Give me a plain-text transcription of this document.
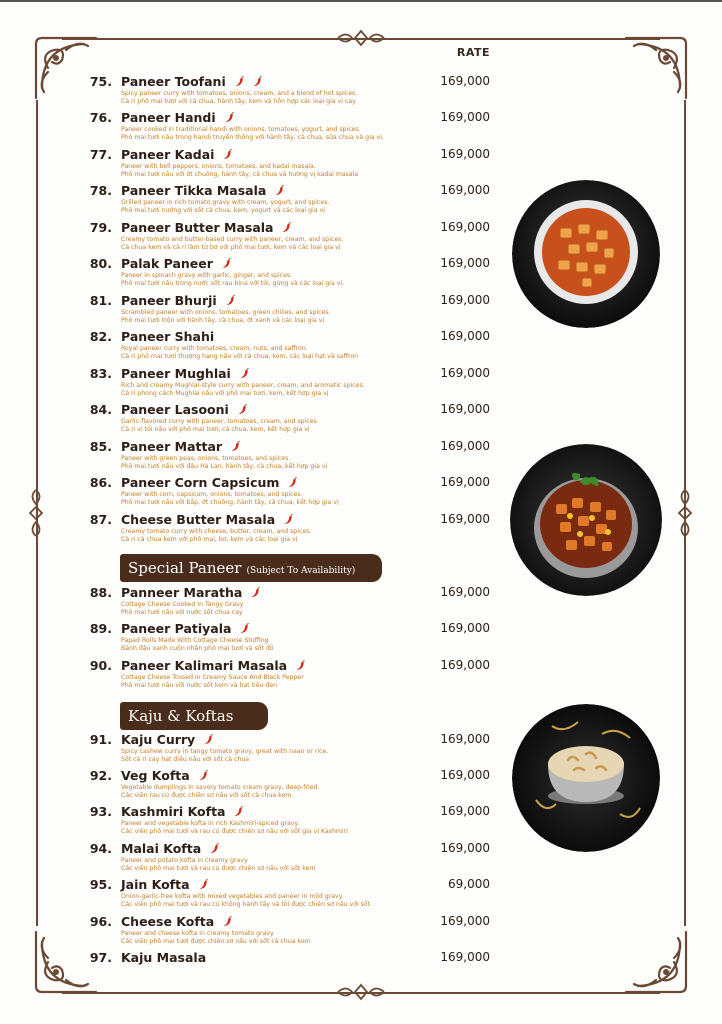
RATE
75. Paneer Toofani	169,000
Spicy paneer curry with tomatoes, onions, cream, and a blend of hot spices.
Cà ri phô mai tươi với cà chua, hành tây, kem và hỗn hợp các loại gia vị cay
76. Paneer Handi	169,000
Paneer cooked in traditional handi with onions, tomatoes, yogurt, and spices.
Phô mai tươi nấu trong handi truyền thống với hành tây, cà chua, sữa chua và gia vị.
77. Paneer Kadai	169,000
Paneer with bell peppers, onions, tomatoes, and kadai masala.
Phô mai tươi nấu với ớt chuông, hành tây, cà chua và hương vị kadai masala
78. Paneer Tikka Masala	169,000
Grilled paneer in rich tomato gravy with cream, yogurt, and spices.
Phô mai tươi nướng với sốt cà chua, kem, yogurt và các loại gia vị
79. Paneer Butter Masala	169,000
Creamy tomato and butter-based curry with paneer, cream, and spices.
Cà chua kem và cà ri làm từ bơ với phô mai tươi, kem và các loại gia vị
80. Palak Paneer	169,000
Paneer in spinach gravy with garlic, ginger, and spices.
Phô mai tươi nấu trong nước sốt rau bina với tỏi, gừng và các loại gia vị.
81. Paneer Bhurji	169,000
Scrambled paneer with onions, tomatoes, green chilies, and spices.
Phô mai tươi trộn với hành tây, cà chua, ớt xanh và các loại gia vị
82. Paneer Shahi	169,000
Royal paneer curry with tomatoes, cream, nuts, and saffron.
Cà ri phô mai tươi thượng hạng nấu với cà chua, kem, các loại hạt và saffron
83. Paneer Mughlai	169,000
Rich and creamy Mughlai-style curry with paneer, cream, and aromatic spices.
Cà ri phong cách Mughlai nấu với phô mai tươi, kem, kết hợp gia vị
84. Paneer Lasooni	169,000
Garlic-flavored curry with paneer, tomatoes, cream, and spices.
Cà ri vị tỏi nấu với phô mai tươi, cà chua, kem, kết hợp gia vị
85. Paneer Mattar	169,000
Paneer with green peas, onions, tomatoes, and spices.
Phô mai tươi nấu với đậu Hà Lan, hành tây, cà chua, kết hợp gia vị
86. Paneer Corn Capsicum	169,000
Paneer with corn, capsicum, onions, tomatoes, and spices.
Phô mai tươi nấu với bắp, ớt chuông, hành tây, cà chua, kết hợp gia vị
87. Cheese Butter Masala	169,000
Creamy tomato curry with cheese, butter, cream, and spices.
Cà ri cà chua kem với phô mai, bơ, kem và các loại gia vị
88. Panneer Maratha	169,000
Cottage Cheese Cooked In Tangy Gravy
Phô mai tươi nấu với nước sốt chua cay
89. Paneer Patiyala	169,000
Papad Rolls Made With Cottage Cheese Stuffing
Bánh đậu xanh cuộn nhân phô mai tươi và sốt đỏ
90. Paneer Kalimari Masala	169,000
Cottage Cheese Tossed in Creamy Sauce And Black Pepper
Phô mai tươi nấu với nước sốt kem và hạt tiêu đen
91. Kaju Curry	169,000
Spicy cashew curry in tangy tomato gravy, great with naan or rice.
Sốt cà ri cay hạt điều nấu với sốt cà chua
92. Veg Kofta	169,000
Vegetable dumplings in savory tomato cream gravy, deep-fried.
Các viên rau củ được chiên sơ nấu với sốt cà chua kem
93. Kashmiri Kofta	169,000
Paneer and vegetable kofta in rich Kashmiri-spiced gravy.
Các viên phô mai tươi và rau củ được chiên sơ nấu với sốt gia vị Kashmiri
94. Malai Kofta	169,000
Paneer and potato kofta in creamy gravy.
Các viên phô mai tươi và rau củ được chiên sơ nấu với sốt kem
95. Jain Kofta	69,000
Onion-garlic-free kofta with mixed vegetables and paneer in mild gravy.
Các viên phô mai tươi và rau củ không hành tây và tỏi được chiên sơ nấu với sốt
96. Cheese Kofta	169,000
Paneer and cheese kofta in creamy tomato gravy.
Các viên phô mai tươi được chiên sơ nấu với sốt cà chua kem
97. Kaju Masala	169,000
Special Paneer (Subject To Availability)
Kaju & Koftas
